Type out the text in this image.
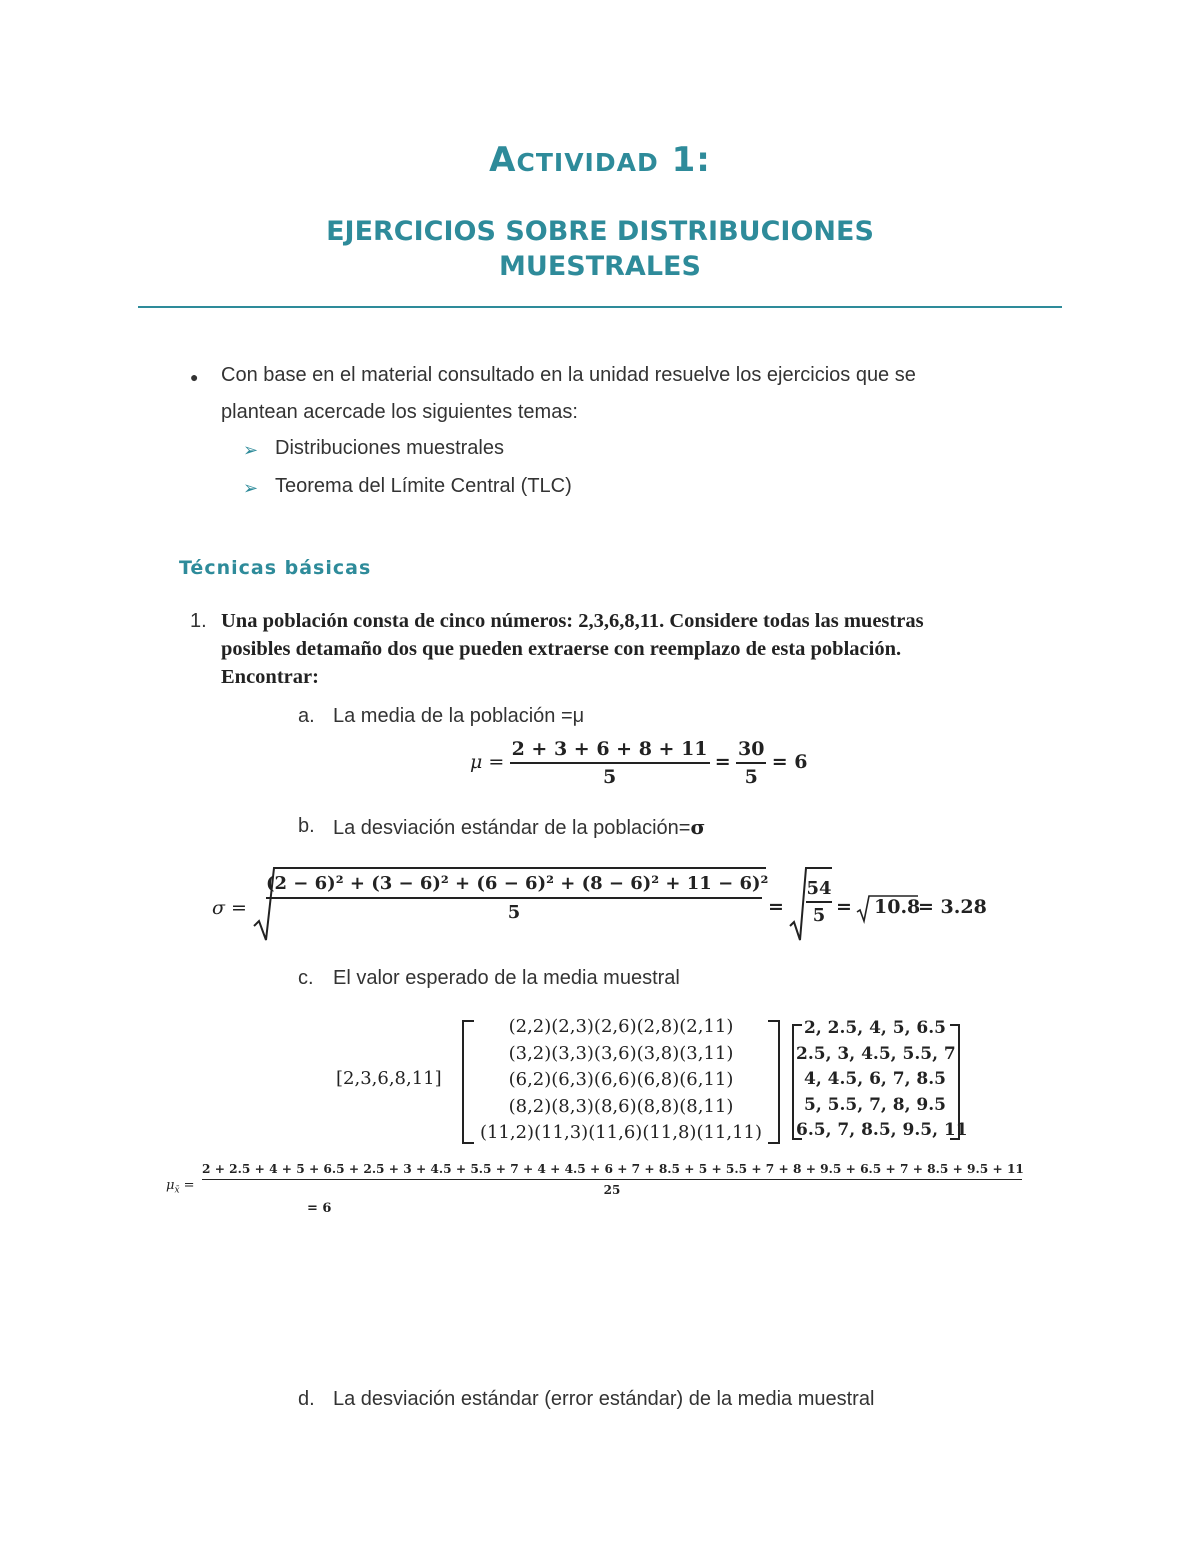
ACTIVIDAD 1:
EJERCICIOS SOBRE DISTRIBUCIONES
MUESTRALES
● Con base en el material consultado en la unidad resuelve los ejercicios que se
plantean acercade los siguientes temas:
➢ Distribuciones muestrales
➢ Teorema del Límite Central (TLC)
Técnicas básicas
1. Una población consta de cinco números: 2,3,6,8,11. Considere todas las muestras
posibles detamaño dos que pueden extraerse con reemplazo de esta población.
Encontrar:
a. La media de la población =μ
$\mu = \frac{2 + 3 + 6 + 8 + 11}{5} = \frac{30}{5} = 6$
b. La desviación estándar de la población=σ
$\sigma = \frac{\text{(2 − 6)² + (3 − 6)² + (6 − 6)² + (8 − 6)² + 11 − 6)²}}{5} = \frac{54}{5} = 10.8$
= 3.28
c. El valor esperado de la media muestral
[2,3,6,8,11]
(2,2)(2,3)(2,6)(2,8)(2,11)
(3,2)(3,3)(3,6)(3,8)(3,11)
(6,2)(6,3)(6,6)(6,8)(6,11)
(8,2)(8,3)(8,6)(8,8)(8,11)
(11,2)(11,3)(11,6)(11,8)(11,11)
2, 2.5, 4, 5, 6.5
2.5, 3, 4.5, 5.5, 7
4, 4.5, 6, 7, 8.5
5, 5.5, 7, 8, 9.5
6.5, 7, 8.5, 9.5, 11
$\mu_{x̄}$ =
2 + 2.5 + 4 + 5 + 6.5 + 2.5 + 3 + 4.5 + 5.5 + 7 + 4 + 4.5 + 6 + 7 + 8.5 + 5 + 5.5 + 7 + 8 + 9.5 + 6.5 + 7 + 8.5 + 9.5 + 11
25
= 6
d. La desviación estándar (error estándar) de la media muestral
